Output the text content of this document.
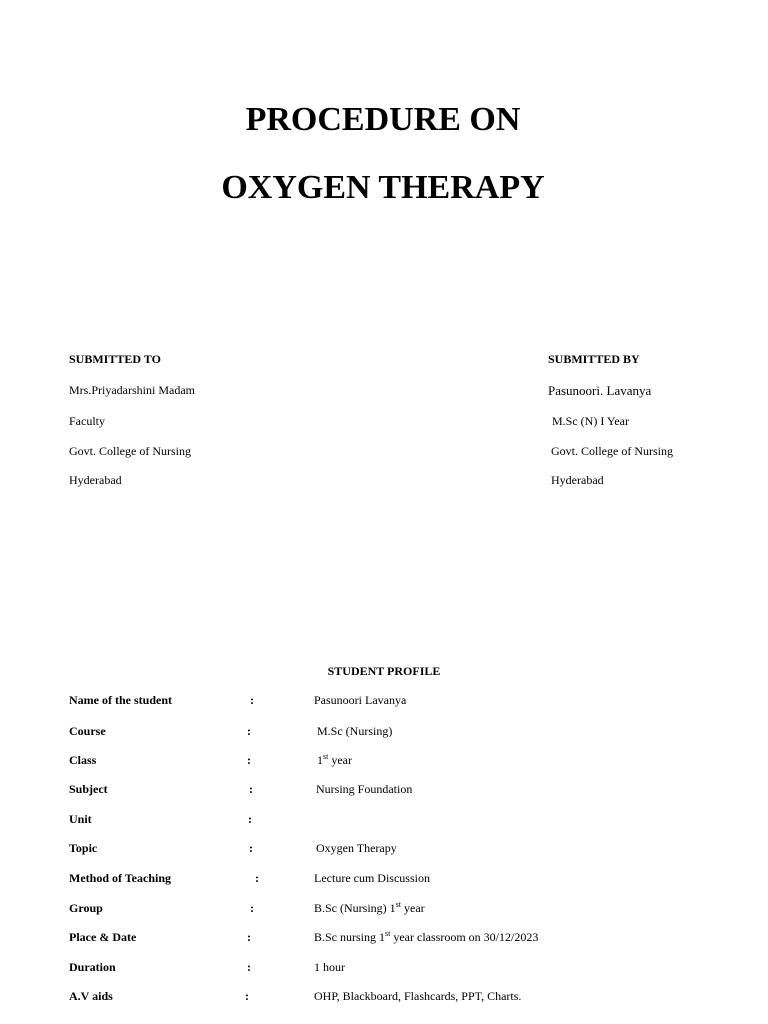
PROCEDURE ON
OXYGEN THERAPY
SUBMITTED TO
Mrs.Priyadarshini Madam
Faculty
Govt. College of Nursing
Hyderabad
SUBMITTED BY
Pasunoori. Lavanya
M.Sc (N) I Year
Govt. College of Nursing
Hyderabad
STUDENT PROFILE
Name of the student	:	Pasunoori Lavanya
Course	:	M.Sc (Nursing)
Class	:	1st year
Subject	:	Nursing Foundation
Unit	:
Topic	:	Oxygen Therapy
Method of Teaching	:	Lecture cum Discussion
Group	:	B.Sc (Nursing) 1st year
Place & Date	:	B.Sc nursing 1st year classroom on 30/12/2023
Duration	:	1 hour
A.V aids	:	OHP, Blackboard, Flashcards, PPT, Charts.
